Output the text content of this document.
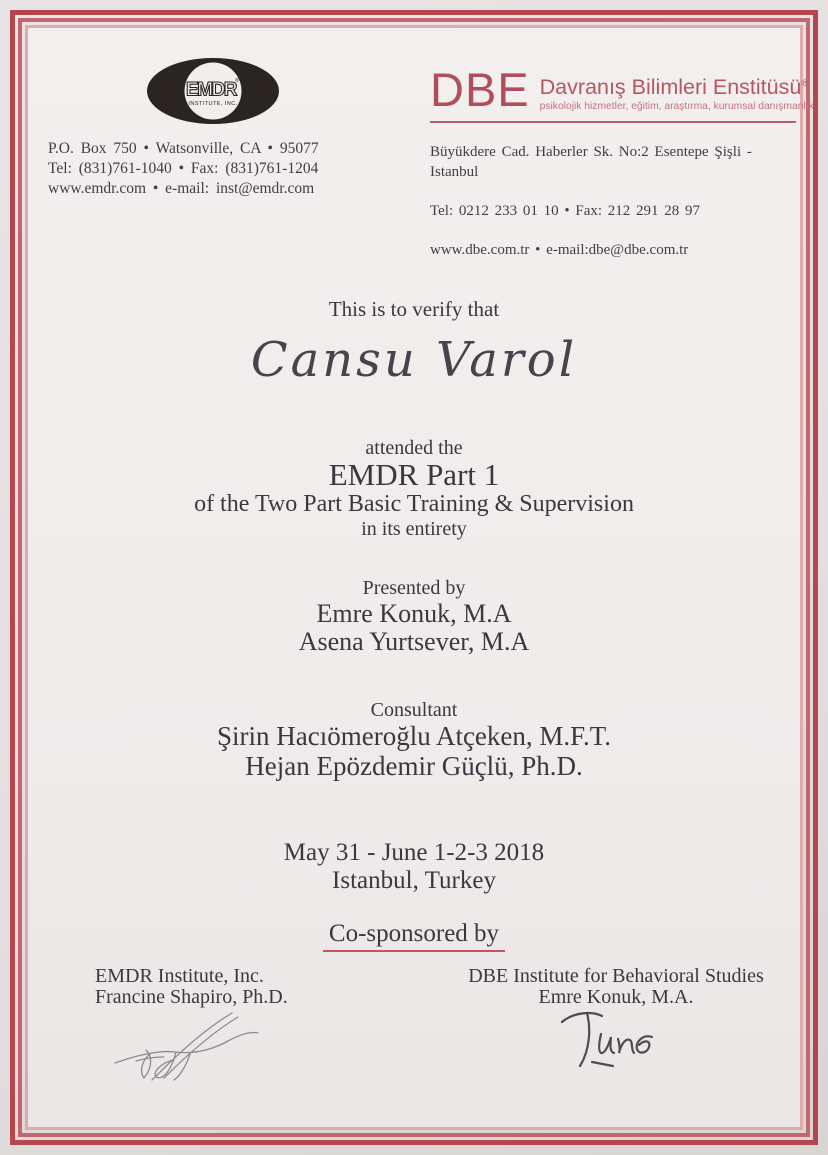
EMDR ®
INSTITUTE, INC.
P.O. Box 750 • Watsonville, CA • 95077
Tel: (831)761-1040 • Fax: (831)761-1204
www.emdr.com • e-mail: inst@emdr.com
DBE Davranış Bilimleri Enstitüsü®
psikolojik hizmetler, eğitim, araştırma, kurumsal danışmanlık
Büyükdere Cad. Haberler Sk. No:2 Esentepe Şişli - Istanbul
Tel: 0212 233 01 10 • Fax: 212 291 28 97
www.dbe.com.tr • e-mail:dbe@dbe.com.tr
This is to verify that
Cansu Varol
attended the
EMDR Part 1
of the Two Part Basic Training & Supervision
in its entirety
Presented by
Emre Konuk, M.A
Asena Yurtsever, M.A
Consultant
Şirin Hacıömeroğlu Atçeken, M.F.T.
Hejan Epözdemir Güçlü, Ph.D.
May 31 - June 1-2-3 2018
Istanbul, Turkey
Co-sponsored by
EMDR Institute, Inc.
Francine Shapiro, Ph.D.
DBE Institute for Behavioral Studies
Emre Konuk, M.A.
